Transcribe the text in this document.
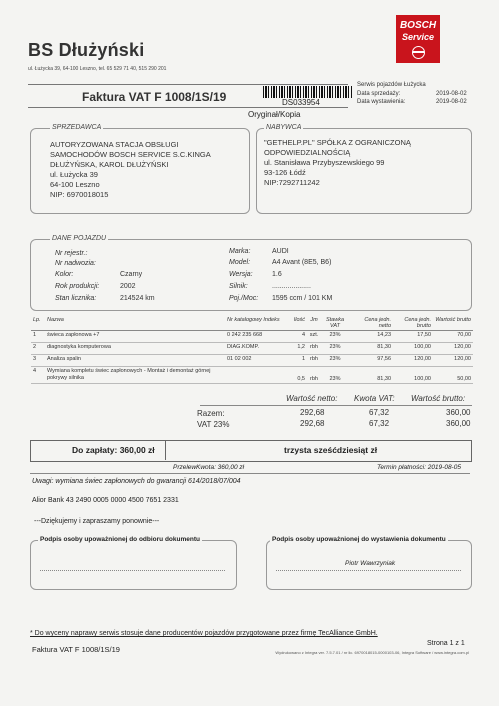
BS Dłużyński
ul. Łużycka 39, 64-100 Leszno, tel. 65 529 71 40, 515 290 201
BOSCH
Service
Serwis pojazdów Łużycka
Data sprzedaży:	2019-08-02
Data wystawienia:	2019-08-02
Faktura VAT F 1008/1S/19	DS033954
Oryginał/Kopia
SPRZEDAWCA
AUTORYZOWANA STACJA OBSŁUGI
SAMOCHODÓW BOSCH SERVICE S.C.KINGA
DŁUŻYŃSKA, KAROL DŁUŻYŃSKI
ul. Łużycka 39
64-100 Leszno
NIP: 6970018015
NABYWCA
"GETHELP.PL" SPÓŁKA Z OGRANICZONĄ
ODPOWIEDZIALNOŚCIĄ
ul. Stanisława Przybyszewskiego 99
93-126 Łódź
NIP:7292711242
DANE POJAZDU
Nr rejestr.:
Nr nadwozia:
Kolor:	Czarny
Rok produkcji:	2002
Stan licznika:	214524 km
Marka:	AUDI
Model:	A4 Avant (8E5, B6)
Wersja:	1.6
Silnik:	....................
Poj./Moc: 1595 ccm / 101 KM
Lp.	Nazwa	Nr katalogowy Indeks	Ilość	Jm	Stawka VAT	Cena jedn. netto	Cena jedn. brutto	Wartość brutto
1	świeca zapłonowa +7	0 242 235 668	4	szt.	23%	14,23	17,50	70,00
2	diagnostyka komputerowa	DIAG.KOMP.	1,2	rbh	23%	81,30	100,00	120,00
3	Analiza spalin	01 02 002	1	rbh	23%	97,56	120,00	120,00
4	Wymiana kompletu świec zapłonowych - Montaż i demontaż górnej pokrywy silnika		0,5	rbh	23%	81,30	100,00	50,00
Wartość netto: Kwota VAT: Wartość brutto:
Razem:	292,68	67,32	360,00
VAT 23%	292,68	67,32	360,00
Do zapłaty: 360,00 zł	trzysta sześćdziesiąt zł
Przelew Kwota: 360,00 zł	Termin płatności: 2019-08-05
Uwagi: wymiana świec zapłonowych do gwarancji 614/2018/07/004
Alior Bank 43 2490 0005 0000 4500 7651 2331
---Dziękujemy i zapraszamy ponownie---
Podpis osoby upoważnionej do odbioru dokumentu	Podpis osoby upoważnionej do wystawienia dokumentu
Piotr Wawrzyniak
* Do wyceny naprawy serwis stosuje dane producentów pojazdów przygotowane przez firmę TecAlliance GmbH.
Faktura VAT F 1008/1S/19
Strona 1 z 1
Wydrukowano z Integra ver. 7.5.7.01 / nr lic. 6970018015-0000103-06, Integra Software / www.integra.com.pl
